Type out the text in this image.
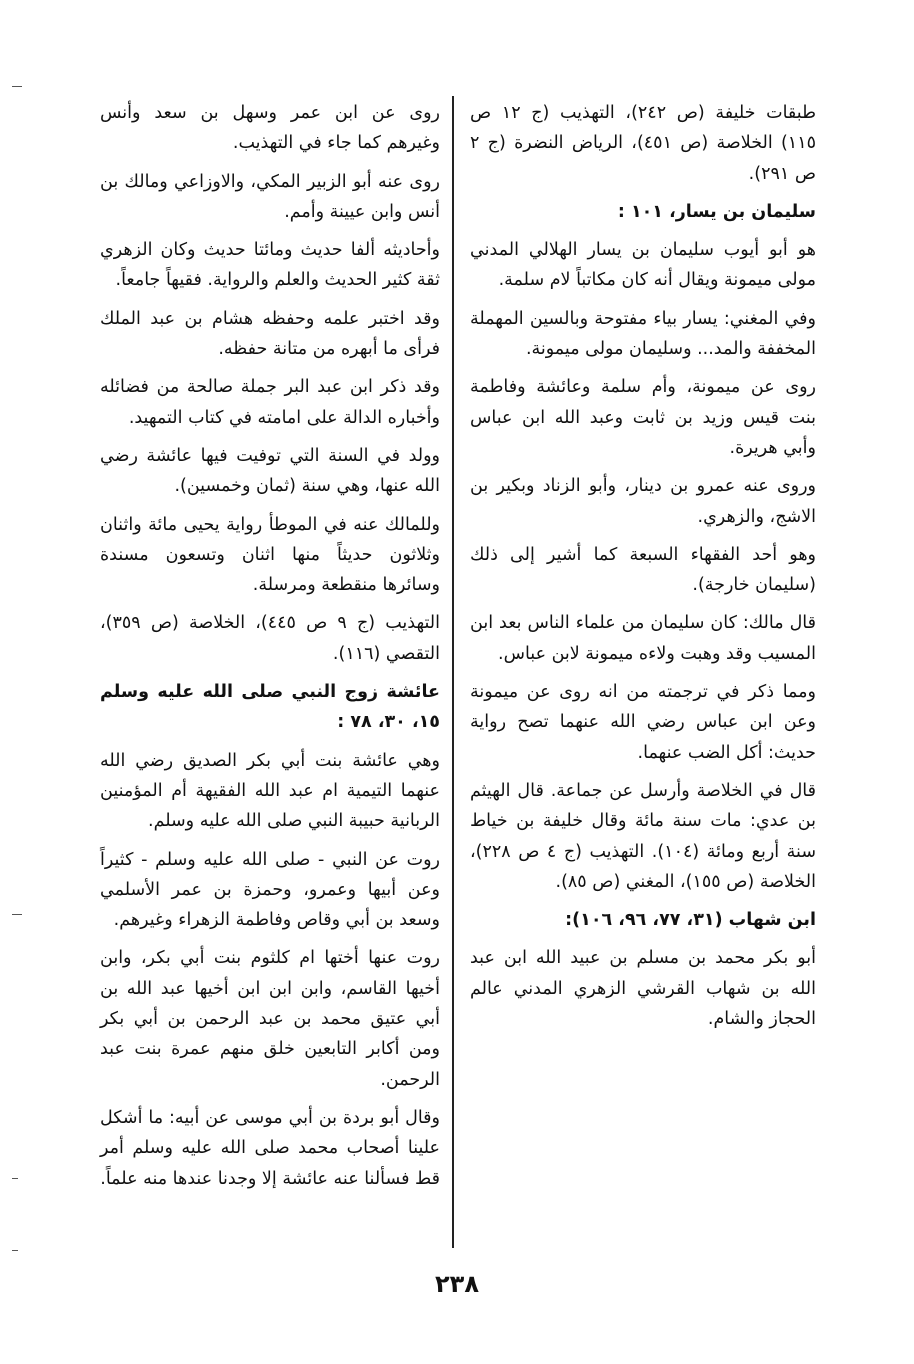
طبقات خليفة (ص ٢٤٢)، التهذيب (ج ١٢ ص ١١٥) الخلاصة (ص ٤٥١)، الرياض النضرة (ج ٢ ص ٢٩١).

سليمان بن يسار، ١٠١ :

هو أبو أيوب سليمان بن يسار الهلالي المدني مولى ميمونة ويقال أنه كان مكاتباً لام سلمة.

وفي المغني: يسار بياء مفتوحة وبالسين المهملة المخففة والمد... وسليمان مولى ميمونة.

روى عن ميمونة، وأم سلمة وعائشة وفاطمة بنت قيس وزيد بن ثابت وعبد الله ابن عباس وأبي هريرة.

وروى عنه عمرو بن دينار، وأبو الزناد وبكير بن الاشج، والزهري.

وهو أحد الفقهاء السبعة كما أشير إلى ذلك (سليمان خارجة).

قال مالك: كان سليمان من علماء الناس بعد ابن المسيب وقد وهبت ولاءه ميمونة لابن عباس.

ومما ذكر في ترجمته من انه روى عن ميمونة وعن ابن عباس رضي الله عنهما تصح رواية حديث: أكل الضب عنهما.

قال في الخلاصة وأرسل عن جماعة. قال الهيثم بن عدي: مات سنة مائة وقال خليفة بن خياط سنة أربع ومائة (١٠٤). التهذيب (ج ٤ ص ٢٢٨)، الخلاصة (ص ١٥٥)، المغني (ص ٨٥).

ابن شهاب (٣١، ٧٧، ٩٦، ١٠٦):

أبو بكر محمد بن مسلم بن عبيد الله ابن عبد الله بن شهاب القرشي الزهري المدني عالم الحجاز والشام.

روى عن ابن عمر وسهل بن سعد وأنس وغيرهم كما جاء في التهذيب.

روى عنه أبو الزبير المكي، والاوزاعي ومالك بن أنس وابن عيينة وأمم.

وأحاديثه ألفا حديث ومائتا حديث وكان الزهري ثقة كثير الحديث والعلم والرواية. فقيهاً جامعاً.

وقد اختبر علمه وحفظه هشام بن عبد الملك فرأى ما أبهره من متانة حفظه.

وقد ذكر ابن عبد البر جملة صالحة من فضائله وأخباره الدالة على امامته في كتاب التمهيد.

وولد في السنة التي توفيت فيها عائشة رضي الله عنها، وهي سنة (ثمان وخمسين).

وللمالك عنه في الموطأ رواية يحيى مائة واثنان وثلاثون حديثاً منها اثنان وتسعون مسندة وسائرها منقطعة ومرسلة.

التهذيب (ج ٩ ص ٤٤٥)، الخلاصة (ص ٣٥٩)، التقصي (١١٦).

عائشة زوج النبي صلى الله عليه وسلم ١٥، ٣٠، ٧٨ :

وهي عائشة بنت أبي بكر الصديق رضي الله عنهما التيمية ام عبد الله الفقيهة أم المؤمنين الربانية حبيبة النبي صلى الله عليه وسلم.

روت عن النبي - صلى الله عليه وسلم - كثيراً وعن أبيها وعمرو، وحمزة بن عمر الأسلمي وسعد بن أبي وقاص وفاطمة الزهراء وغيرهم.

روت عنها أختها ام كلثوم بنت أبي بكر، وابن أخيها القاسم، وابن ابن ابن أخيها عبد الله بن أبي عتيق محمد بن عبد الرحمن بن أبي بكر ومن أكابر التابعين خلق منهم عمرة بنت عبد الرحمن.

وقال أبو بردة بن أبي موسى عن أبيه: ما أشكل علينا أصحاب محمد صلى الله عليه وسلم أمر قط فسألنا عنه عائشة إلا وجدنا عندها منه علماً.

٢٣٨
